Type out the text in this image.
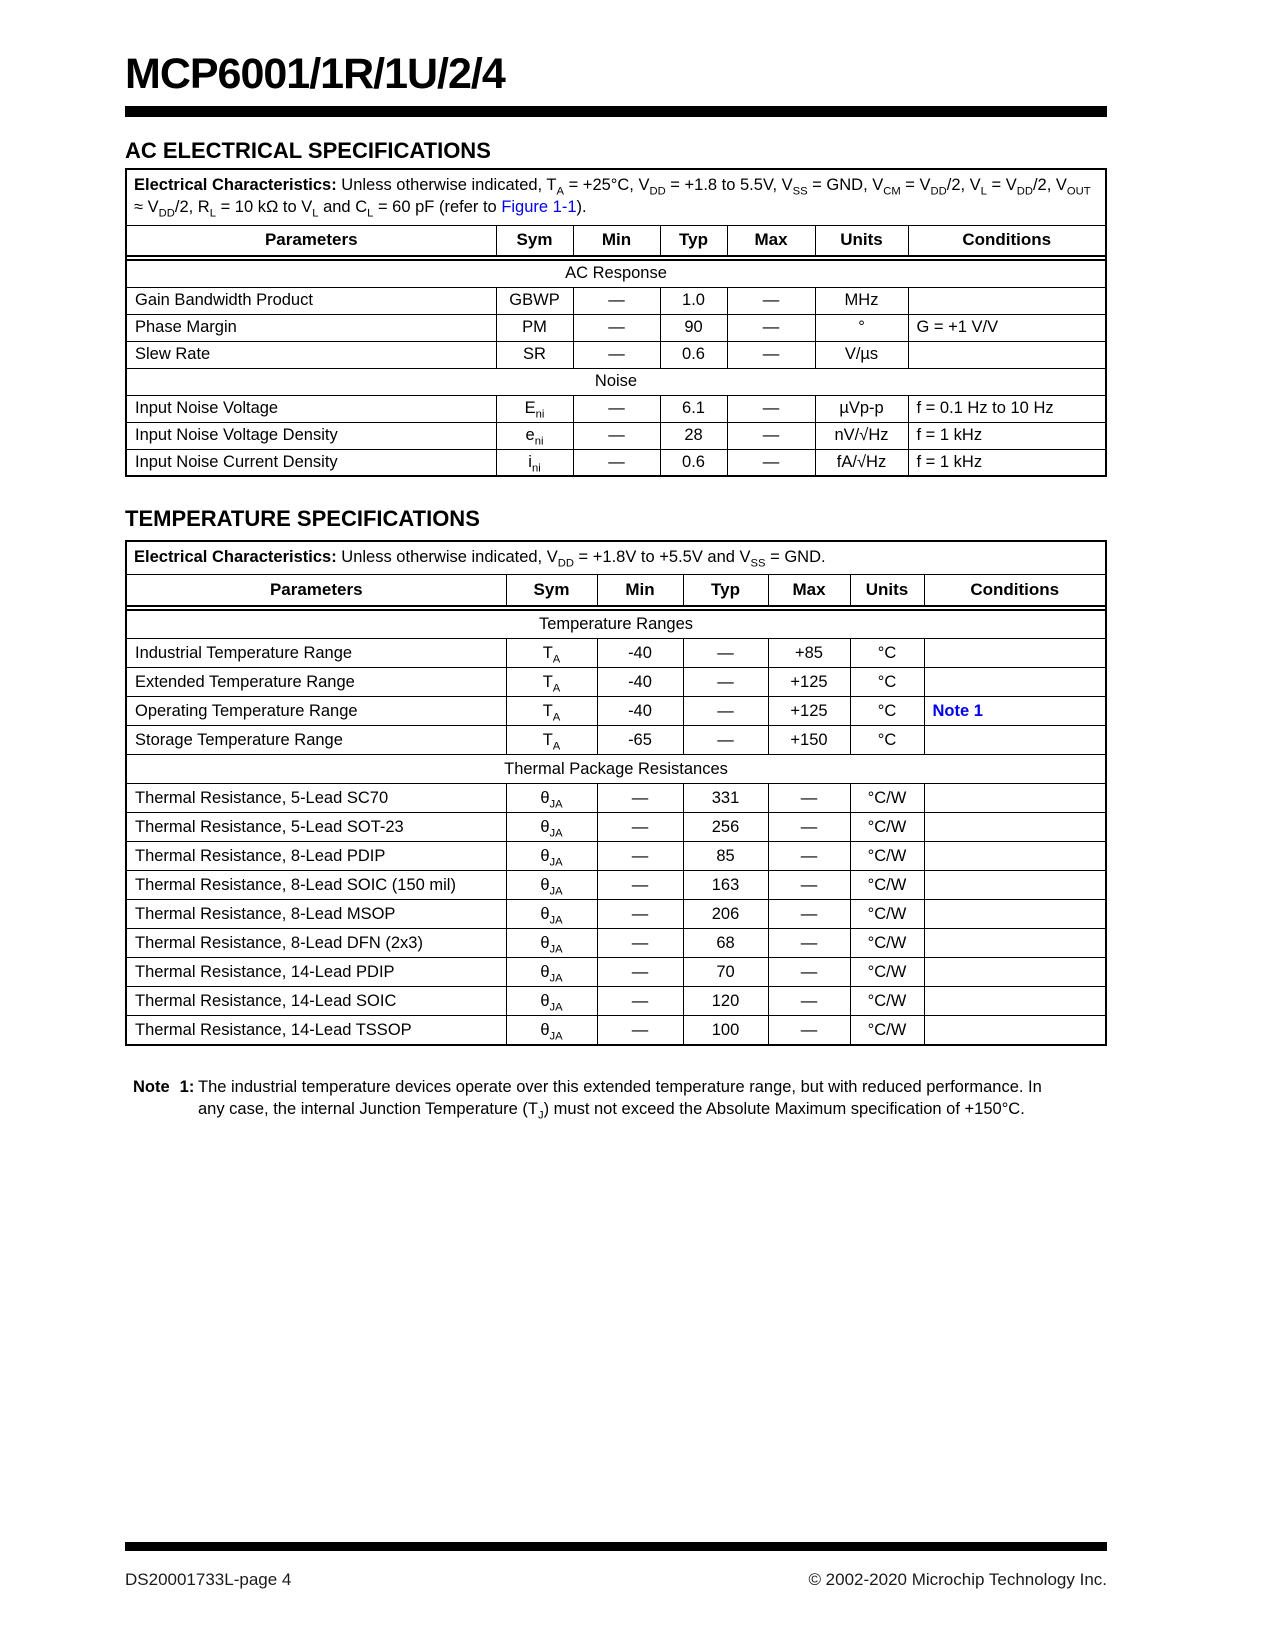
MCP6001/1R/1U/2/4
AC ELECTRICAL SPECIFICATIONS
Electrical Characteristics: Unless otherwise indicated, $T_A = +25^\circ C$, $V_{DD} = +1.8$ to 5.5V, $V_{SS}$ = GND, $V_{CM} = V_{DD}/2$, $V_L = V_{DD}/2$, $V_{OUT} \approx V_{DD}/2$, $R_L = 10$ kΩ to $V_L$ and $C_L = 60$ pF (refer to Figure 1-1).						
Parameters	Sym	Min	Typ	Max	Units	Conditions

AC Response						
Gain Bandwidth Product	GBWP	—	1.0	—	MHz	
Phase Margin	PM	—	90	—	°	G = +1 V/V
Slew Rate	SR	—	0.6	—	V/µs	
Noise						
Input Noise Voltage	$E_{ni}$	—	6.1	—	µVp-p	f = 0.1 Hz to 10 Hz
Input Noise Voltage Density	$e_{ni}$	—	28	—	nV/√Hz	f = 1 kHz
Input Noise Current Density	$i_{ni}$	—	0.6	—	fA/√Hz	f = 1 kHz
TEMPERATURE SPECIFICATIONS
Electrical Characteristics: Unless otherwise indicated, $V_{DD} = +1.8V$ to +5.5V and $V_{SS}$ = GND.						
Parameters	Sym	Min	Typ	Max	Units	Conditions

Temperature Ranges						
Industrial Temperature Range	$T_A$	-40	—	+85	°C	
Extended Temperature Range	$T_A$	-40	—	+125	°C	
Operating Temperature Range	$T_A$	-40	—	+125	°C	Note 1
Storage Temperature Range	$T_A$	-65	—	+150	°C	
Thermal Package Resistances						
Thermal Resistance, 5-Lead SC70	$\theta_{JA}$	—	331	—	°C/W	
Thermal Resistance, 5-Lead SOT-23	$\theta_{JA}$	—	256	—	°C/W	
Thermal Resistance, 8-Lead PDIP	$\theta_{JA}$	—	85	—	°C/W	
Thermal Resistance, 8-Lead SOIC (150 mil)	$\theta_{JA}$	—	163	—	°C/W	
Thermal Resistance, 8-Lead MSOP	$\theta_{JA}$	—	206	—	°C/W	
Thermal Resistance, 8-Lead DFN (2x3)	$\theta_{JA}$	—	68	—	°C/W	
Thermal Resistance, 14-Lead PDIP	$\theta_{JA}$	—	70	—	°C/W	
Thermal Resistance, 14-Lead SOIC	$\theta_{JA}$	—	120	—	°C/W	
Thermal Resistance, 14-Lead TSSOP	$\theta_{JA}$	—	100	—	°C/W	
Note 1: The industrial temperature devices operate over this extended temperature range, but with reduced performance. In any case, the internal Junction Temperature $(T_J)$ must not exceed the Absolute Maximum specification of +150°C.
DS20001733L-page 4	© 2002-2020 Microchip Technology Inc.
